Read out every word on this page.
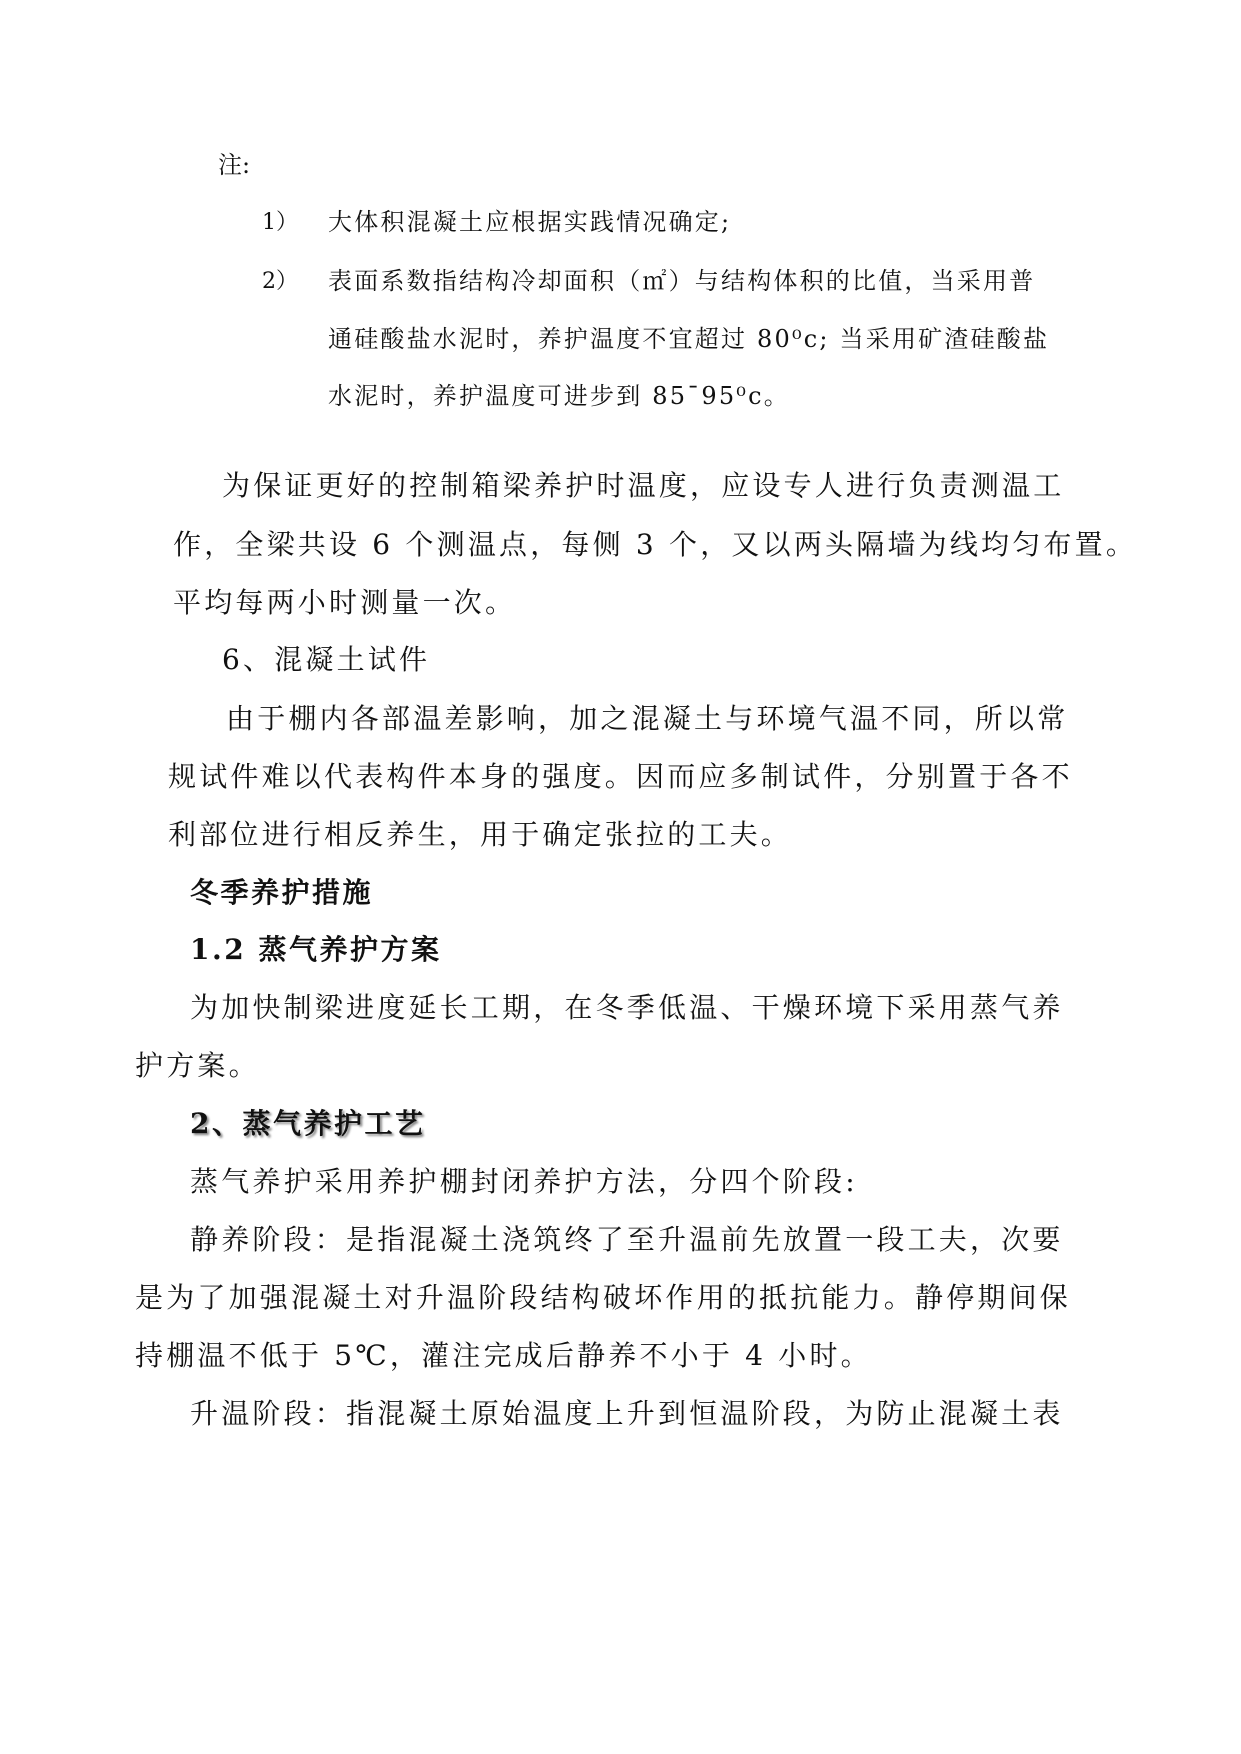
注:
1） 大体积混凝土应根据实践情况确定;
2） 表面系数指结构冷却面积（㎡）与结构体积的比值，当采用普
通硅酸盐水泥时，养护温度不宜超过 80⁰c; 当采用矿渣硅酸盐
水泥时，养护温度可进步到 85¯95⁰c。
为保证更好的控制箱梁养护时温度，应设专人进行负责测温工
作，全梁共设 6 个测温点，每侧 3 个，又以两头隔墙为线均匀布置。
平均每两小时测量一次。
6、混凝土试件
由于棚内各部温差影响，加之混凝土与环境气温不同，所以常
规试件难以代表构件本身的强度。因而应多制试件，分别置于各不
利部位进行相反养生，用于确定张拉的工夫。
冬季养护措施
1.2 蒸气养护方案
为加快制梁进度延长工期，在冬季低温、干燥环境下采用蒸气养
护方案。
2、蒸气养护工艺
蒸气养护采用养护棚封闭养护方法，分四个阶段:
静养阶段：是指混凝土浇筑终了至升温前先放置一段工夫，次要
是为了加强混凝土对升温阶段结构破坏作用的抵抗能力。静停期间保
持棚温不低于 5℃，灌注完成后静养不小于 4 小时。
升温阶段：指混凝土原始温度上升到恒温阶段，为防止混凝土表
